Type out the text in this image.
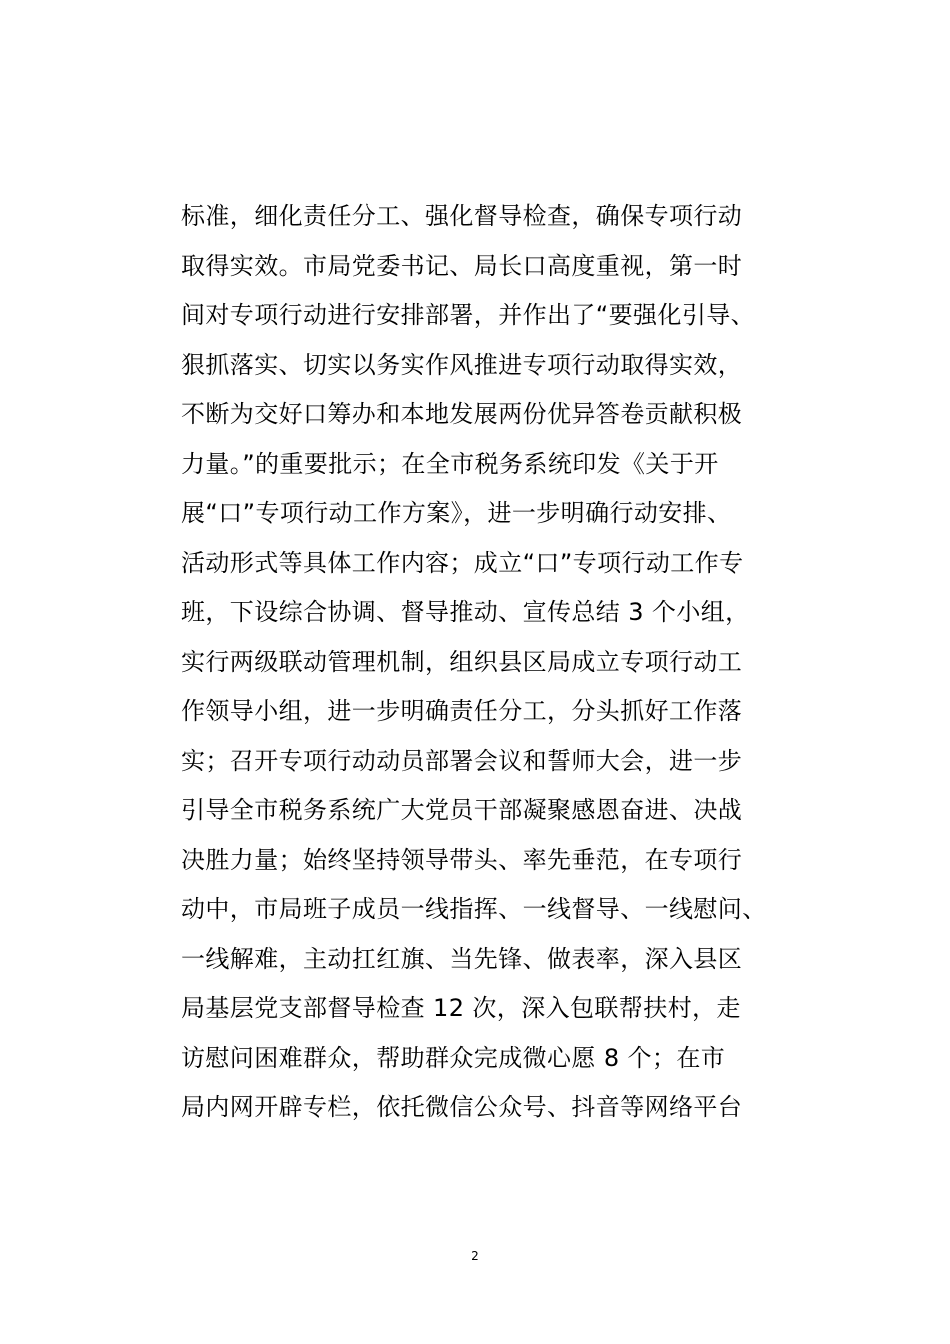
标准，细化责任分工、强化督导检查，确保专项行动
取得实效。市局党委书记、局长口高度重视，第一时
间对专项行动进行安排部署，并作出了“要强化引导、
狠抓落实、切实以务实作风推进专项行动取得实效，
不断为交好口筹办和本地发展两份优异答卷贡献积极
力量。”的重要批示；在全市税务系统印发《关于开
展“口”专项行动工作方案》，进一步明确行动安排、
活动形式等具体工作内容；成立“口”专项行动工作专
班，下设综合协调、督导推动、宣传总结 3 个小组，
实行两级联动管理机制，组织县区局成立专项行动工
作领导小组，进一步明确责任分工，分头抓好工作落
实；召开专项行动动员部署会议和誓师大会，进一步
引导全市税务系统广大党员干部凝聚感恩奋进、决战
决胜力量；始终坚持领导带头、率先垂范，在专项行
动中，市局班子成员一线指挥、一线督导、一线慰问、
一线解难，主动扛红旗、当先锋、做表率，深入县区
局基层党支部督导检查 12 次，深入包联帮扶村，走
访慰问困难群众，帮助群众完成微心愿 8 个；在市
局内网开辟专栏，依托微信公众号、抖音等网络平台
2
